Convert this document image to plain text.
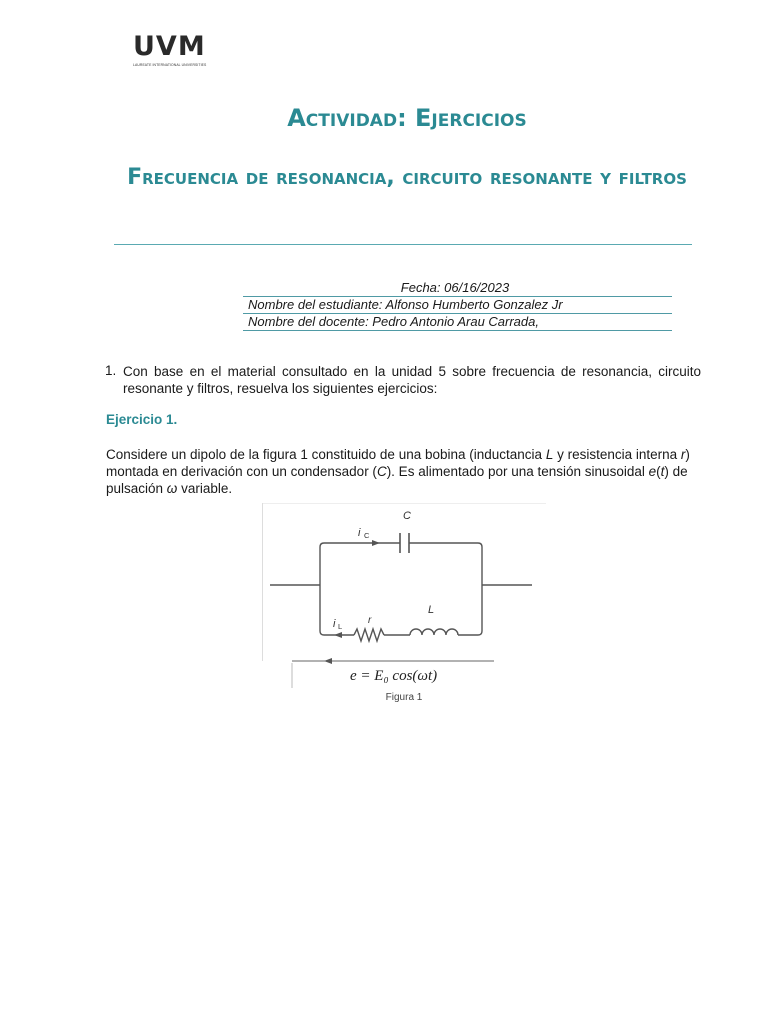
UVM
LAUREATE INTERNATIONAL UNIVERSITIES
Actividad: Ejercicios
Frecuencia de resonancia, circuito resonante y filtros
Fecha: 06/16/2023
Nombre del estudiante: Alfonso Humberto Gonzalez Jr
Nombre del docente: Pedro Antonio Arau Carrada,
1. Con base en el material consultado en la unidad 5 sobre frecuencia de resonancia, circuito resonante y filtros, resuelva los siguientes ejercicios:
Ejercicio 1.
Considere un dipolo de la figura 1 constituido de una bobina (inductancia L y resistencia interna r) montada en derivación con un condensador (C). Es alimentado por una tensión sinusoidal e(t) de pulsación ω variable.
C
i C
r
L
i L
e = E₀ cos(ωt)
Figura 1
